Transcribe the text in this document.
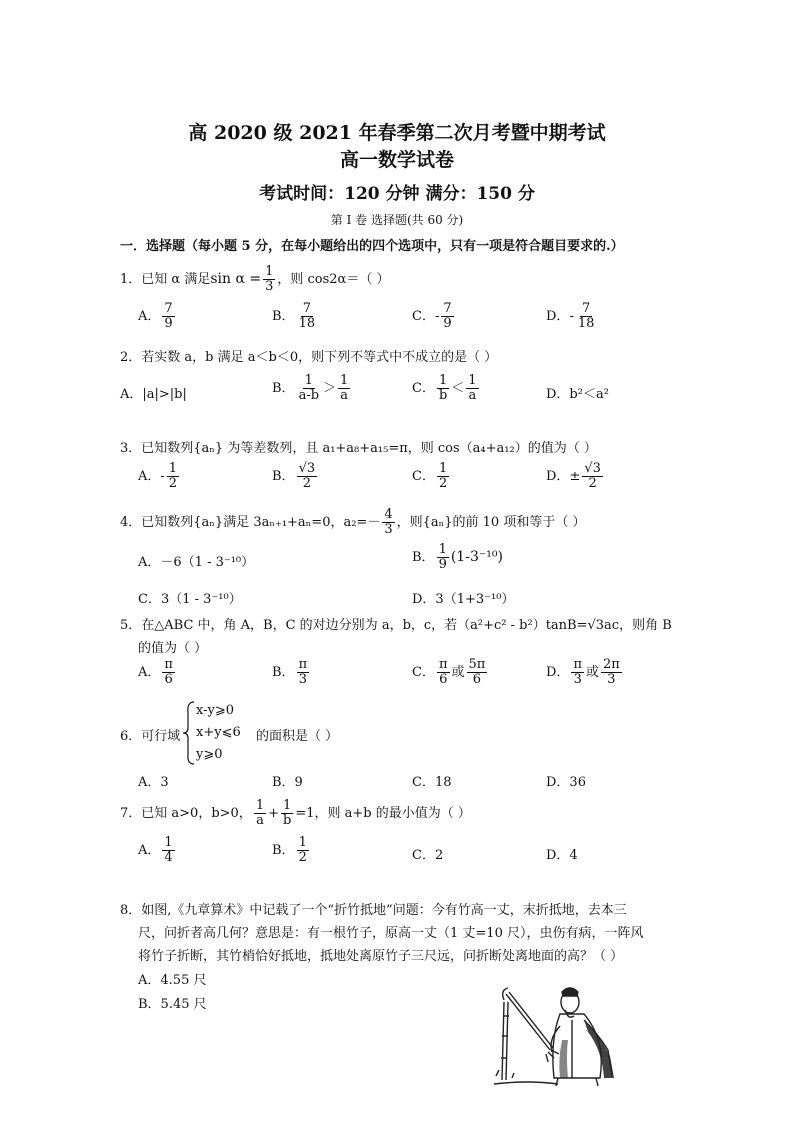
高 2020 级 2021 年春季第二次月考暨中期考试
高一数学试卷
考试时间：120 分钟 满分：150 分
第 Ⅰ 卷 选择题(共 60 分)
一．选择题（每小题 5 分，在每小题给出的四个选项中，只有一项是符合题目要求的.）
1．已知 α 满足$\sin \alpha = \frac{1}{3}$ ，则 cos2α＝（ ）
A． $\frac{7}{9}$	B． $\frac{7}{18}$	C．- $\frac{7}{9}$	D．- $\frac{7}{18}$
2．若实数 a，b 满足 a＜b＜0，则下列不等式中不成立的是（ ）
A．|a|>|b|	B． $\frac{1}{a-b} > \frac{1}{a}$	C． $\frac{1}{b} < \frac{1}{a}$	D．b²＜a²
3．已知数列{aₙ} 为等差数列，且 a₁+a₈+a₁₅=π，则 cos（a₄+a₁₂）的值为（ ）
A．- $\frac{1}{2}$	B． $\frac{√3}{2}$	C． $\frac{1}{2}$	D．± $\frac{√3}{2}$
4．已知数列{aₙ}满足 3aₙ₊₁+aₙ=0，$a_2=- \frac{4}{3}$ ，则{aₙ}的前 10 项和等于（ ）
A．－6（1 - 3⁻¹⁰）	B． $\frac{1}{9} (1-3^{-10})$
C．3（1 - 3⁻¹⁰）	D．3（1+3⁻¹⁰）
5．在△ABC 中，角 A，B，C 的对边分别为 a，b，c，若（a²+c² - b²）tanB=√3ac，则角 B
的值为（ ）
A． $\frac{\pi}{6}$	B． $\frac{\pi}{3}$	C． $\frac{\pi}{6}$ 或 $\frac{5\pi}{6}$	D． $\frac{\pi}{3}$ 或 $\frac{2\pi}{3}$
6．可行域
x-y⩾0
x+y⩽6
y⩾0
的面积是（ ）
A．3	B．9	C．18	D．36
7．已知 a>0，b>0， $\frac{1}{a} + \frac{1}{b} =1$，则 a+b 的最小值为（ ）
A． $\frac{1}{4}$	B． $\frac{1}{2}$	C．2	D．4
8．如图,《九章算术》中记载了一个“折竹抵地”问题：今有竹高一丈，末折抵地，去本三
尺，问折者高几何？意思是：有一根竹子，原高一丈（1 丈=10 尺），虫伤有病，一阵风
将竹子折断，其竹梢恰好抵地，抵地处离原竹子三尺远，问折断处离地面的高？（ ）
A．4.55 尺
B．5.45 尺
